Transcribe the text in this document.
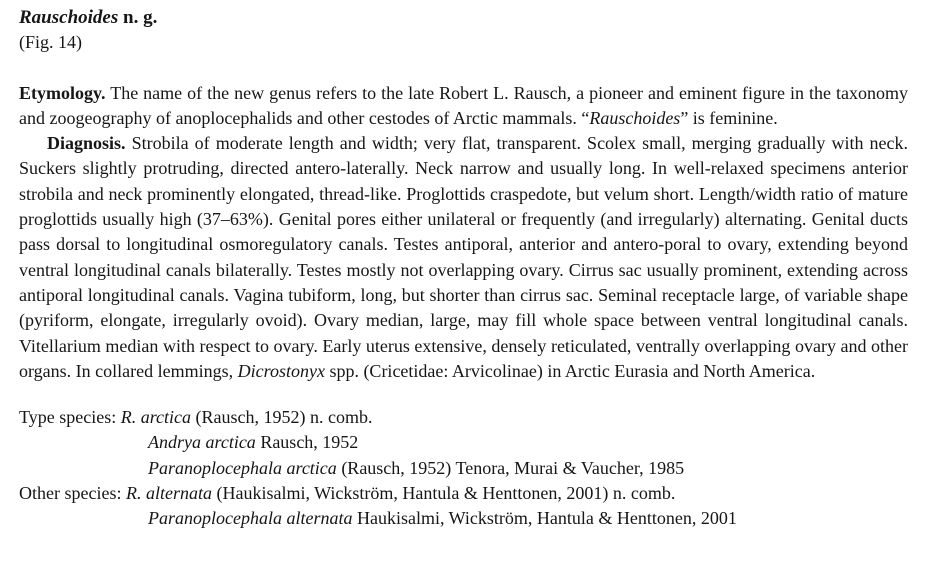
Rauschoides n. g.
(Fig. 14)

Etymology. The name of the new genus refers to the late Robert L. Rausch, a pioneer and eminent figure in the taxonomy and zoogeography of anoplocephalids and other cestodes of Arctic mammals. “Rauschoides” is feminine.

Diagnosis. Strobila of moderate length and width; very flat, transparent. Scolex small, merging gradually with neck. Suckers slightly protruding, directed antero-laterally. Neck narrow and usually long. In well-relaxed specimens anterior strobila and neck prominently elongated, thread-like. Proglottids craspedote, but velum short. Length/width ratio of mature proglottids usually high (37–63%). Genital pores either unilateral or frequently (and irregularly) alternating. Genital ducts pass dorsal to longitudinal osmoregulatory canals. Testes antiporal, anterior and antero-poral to ovary, extending beyond ventral longitudinal canals bilaterally. Testes mostly not overlapping ovary. Cirrus sac usually prominent, extending across antiporal longitudinal canals. Vagina tubiform, long, but shorter than cirrus sac. Seminal receptacle large, of variable shape (pyriform, elongate, irregularly ovoid). Ovary median, large, may fill whole space between ventral longitudinal canals. Vitellarium median with respect to ovary. Early uterus extensive, densely reticulated, ventrally overlapping ovary and other organs. In collared lemmings, Dicrostonyx spp. (Cricetidae: Arvicolinae) in Arctic Eurasia and North America.

Type species: R. arctica (Rausch, 1952) n. comb.
Andrya arctica Rausch, 1952
Paranoplocephala arctica (Rausch, 1952) Tenora, Murai & Vaucher, 1985
Other species: R. alternata (Haukisalmi, Wickström, Hantula & Henttonen, 2001) n. comb.
Paranoplocephala alternata Haukisalmi, Wickström, Hantula & Henttonen, 2001
